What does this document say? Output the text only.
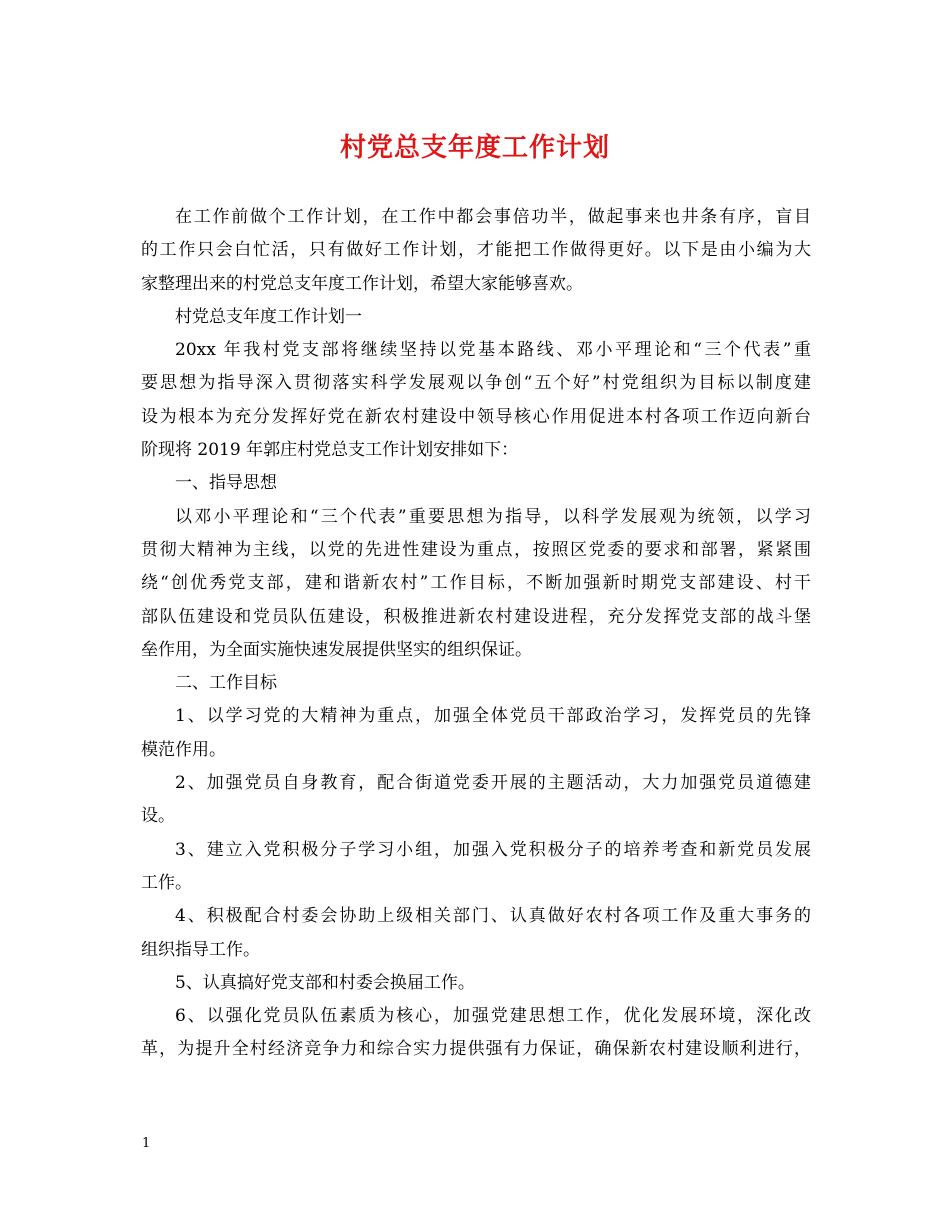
村党总支年度工作计划
在工作前做个工作计划，在工作中都会事倍功半，做起事来也井条有序，盲目
的工作只会白忙活，只有做好工作计划，才能把工作做得更好。以下是由小编为大
家整理出来的村党总支年度工作计划，希望大家能够喜欢。
村党总支年度工作计划一
20xx 年我村党支部将继续坚持以党基本路线、邓小平理论和“三个代表”重
要思想为指导深入贯彻落实科学发展观以争创“五个好”村党组织为目标以制度建
设为根本为充分发挥好党在新农村建设中领导核心作用促进本村各项工作迈向新台
阶现将 2019 年郭庄村党总支工作计划安排如下：
一、指导思想
以邓小平理论和“三个代表”重要思想为指导，以科学发展观为统领，以学习
贯彻大精神为主线，以党的先进性建设为重点，按照区党委的要求和部署，紧紧围
绕“创优秀党支部，建和谐新农村”工作目标，不断加强新时期党支部建设、村干
部队伍建设和党员队伍建设，积极推进新农村建设进程，充分发挥党支部的战斗堡
垒作用，为全面实施快速发展提供坚实的组织保证。
二、工作目标
1、以学习党的大精神为重点，加强全体党员干部政治学习，发挥党员的先锋
模范作用。
2、加强党员自身教育，配合街道党委开展的主题活动，大力加强党员道德建
设。
3、建立入党积极分子学习小组，加强入党积极分子的培养考查和新党员发展
工作。
4、积极配合村委会协助上级相关部门、认真做好农村各项工作及重大事务的
组织指导工作。
5、认真搞好党支部和村委会换届工作。
6、以强化党员队伍素质为核心，加强党建思想工作，优化发展环境，深化改
革，为提升全村经济竞争力和综合实力提供强有力保证，确保新农村建设顺利进行，
1
